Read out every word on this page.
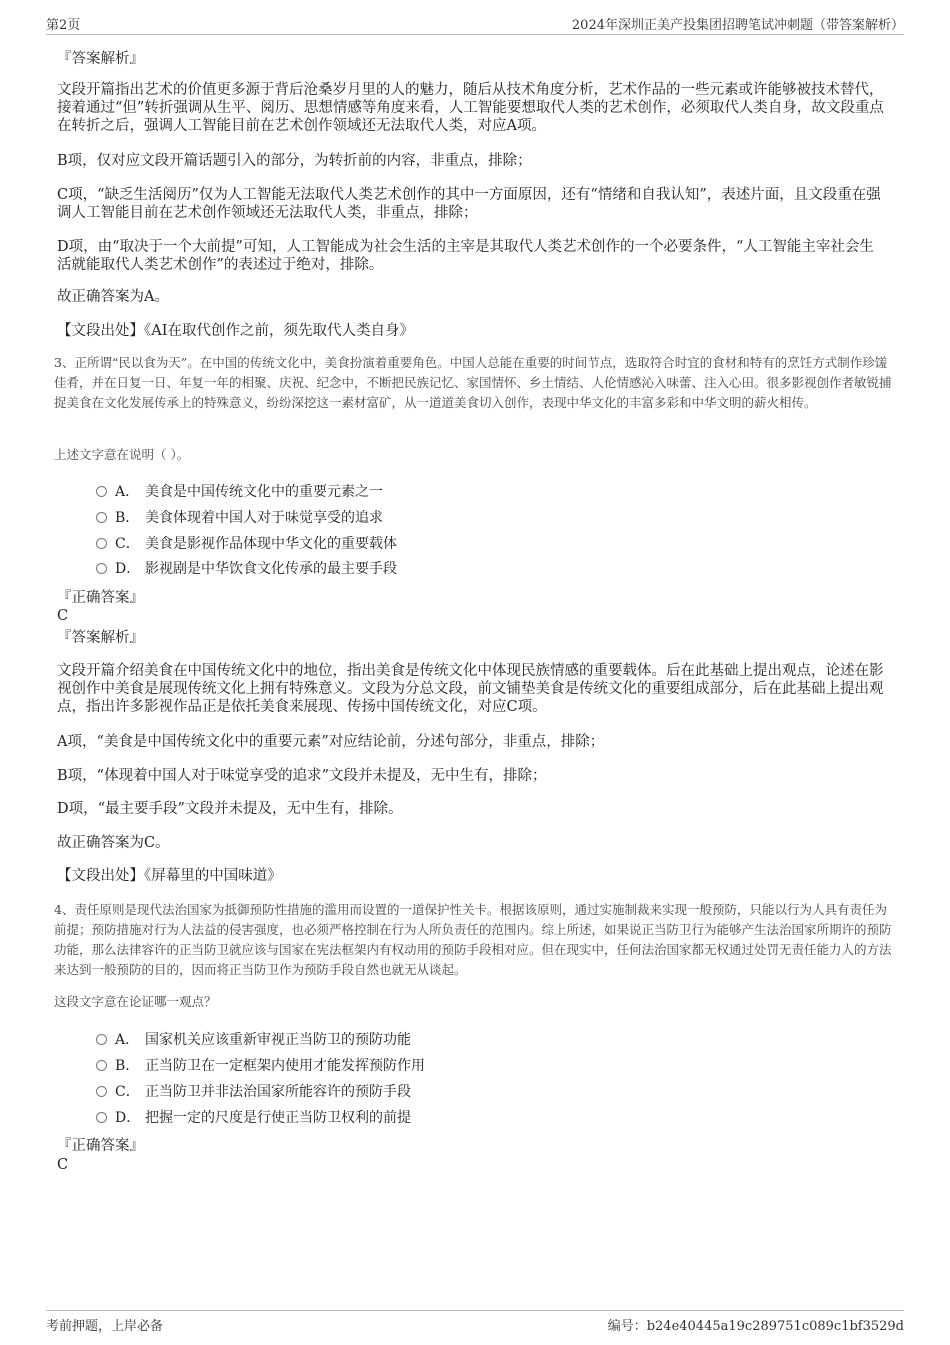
第2页	2024年深圳正美产投集团招聘笔试冲刺题（带答案解析）

『答案解析』

文段开篇指出艺术的价值更多源于背后沧桑岁月里的人的魅力，随后从技术角度分析，艺术作品的一些元素或许能够被技术替代，接着通过“但”转折强调从生平、阅历、思想情感等角度来看，人工智能要想取代人类的艺术创作，必须取代人类自身，故文段重点在转折之后，强调人工智能目前在艺术创作领域还无法取代人类，对应A项。

B项，仅对应文段开篇话题引入的部分，为转折前的内容，非重点，排除；

C项，“缺乏生活阅历”仅为人工智能无法取代人类艺术创作的其中一方面原因，还有“情绪和自我认知”，表述片面，且文段重在强调人工智能目前在艺术创作领域还无法取代人类，非重点，排除；

D项，由“取决于一个大前提”可知，人工智能成为社会生活的主宰是其取代人类艺术创作的一个必要条件，“人工智能主宰社会生活就能取代人类艺术创作”的表述过于绝对，排除。

故正确答案为A。

【文段出处】《AI在取代创作之前，须先取代人类自身》

3、正所谓“民以食为天”。在中国的传统文化中，美食扮演着重要角色。中国人总能在重要的时间节点，选取符合时宜的食材和特有的烹饪方式制作珍馐佳肴，并在日复一日、年复一年的相聚、庆祝、纪念中，不断把民族记忆、家国情怀、乡土情结、人伦情感沁入味蕾、注入心田。很多影视创作者敏锐捕捉美食在文化发展传承上的特殊意义，纷纷深挖这一素材富矿，从一道道美食切入创作，表现中华文化的丰富多彩和中华文明的薪火相传。

上述文字意在说明（ ）。

A． 美食是中国传统文化中的重要元素之一
B． 美食体现着中国人对于味觉享受的追求
C． 美食是影视作品体现中华文化的重要载体
D． 影视剧是中华饮食文化传承的最主要手段

『正确答案』

C

『答案解析』

文段开篇介绍美食在中国传统文化中的地位，指出美食是传统文化中体现民族情感的重要载体。后在此基础上提出观点，论述在影视创作中美食是展现传统文化上拥有特殊意义。文段为分总文段，前文铺垫美食是传统文化的重要组成部分，后在此基础上提出观点，指出许多影视作品正是依托美食来展现、传扬中国传统文化，对应C项。

A项，“美食是中国传统文化中的重要元素”对应结论前，分述句部分，非重点，排除；

B项，“体现着中国人对于味觉享受的追求”文段并未提及，无中生有，排除；

D项，“最主要手段”文段并未提及，无中生有，排除。

故正确答案为C。

【文段出处】《屏幕里的中国味道》

4、责任原则是现代法治国家为抵御预防性措施的滥用而设置的一道保护性关卡。根据该原则，通过实施制裁来实现一般预防，只能以行为人具有责任为前提；预防措施对行为人法益的侵害强度，也必须严格控制在行为人所负责任的范围内。综上所述，如果说正当防卫行为能够产生法治国家所期许的预防功能，那么法律容许的正当防卫就应该与国家在宪法框架内有权动用的预防手段相对应。但在现实中，任何法治国家都无权通过处罚无责任能力人的方法来达到一般预防的目的，因而将正当防卫作为预防手段自然也就无从谈起。

这段文字意在论证哪一观点？

A． 国家机关应该重新审视正当防卫的预防功能
B． 正当防卫在一定框架内使用才能发挥预防作用
C． 正当防卫并非法治国家所能容许的预防手段
D． 把握一定的尺度是行使正当防卫权利的前提

『正确答案』

C

考前押题，上岸必备	编号：b24e40445a19c289751c089c1bf3529d
